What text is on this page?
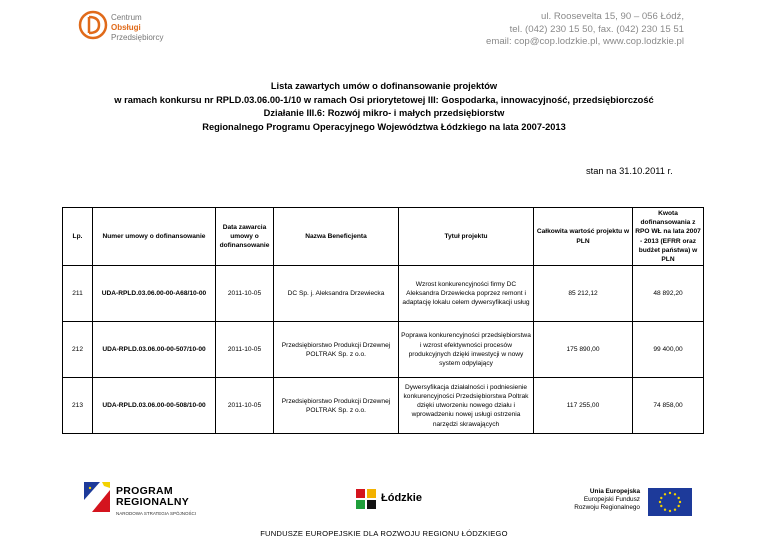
Centrum
Obsługi
Przedsiębiorcy
ul. Roosevelta 15, 90 – 056 Łódź,
tel. (042) 230 15 50, fax. (042) 230 15 51
email: cop@cop.lodzkie.pl, www.cop.lodzkie.pl
Lista zawartych umów o dofinansowanie projektów
w ramach konkursu nr RPLD.03.06.00-1/10 w ramach Osi priorytetowej III: Gospodarka, innowacyjność, przedsiębiorczość
Działanie III.6: Rozwój mikro- i małych przedsiębiorstw
Regionalnego Programu Operacyjnego Województwa Łódzkiego na lata 2007-2013
stan na 31.10.2011 r.
Lp.	Numer umowy o dofinansowanie	Data zawarcia umowy o dofinansowanie	Nazwa Beneficjenta	Tytuł projektu	Całkowita wartość projektu w PLN	Kwota dofinansowania z RPO WŁ na lata 2007 - 2013 (EFRR oraz budżet państwa) w PLN
211	UDA-RPLD.03.06.00-00-A68/10-00	2011-10-05	DC Sp. j. Aleksandra Drzewiecka	Wzrost konkurencyjności firmy DC Aleksandra Drzewiecka poprzez remont i adaptację lokalu celem dywersyfikacji usług	85 212,12	48 892,20
212	UDA-RPLD.03.06.00-00-507/10-00	2011-10-05	Przedsiębiorstwo Produkcji Drzewnej POLTRAK Sp. z o.o.	Poprawa konkurencyjności przedsiębiorstwa i wzrost efektywności procesów produkcyjnych dzięki inwestycji w nowy system odpylający	175 890,00	99 400,00
213	UDA-RPLD.03.06.00-00-508/10-00	2011-10-05	Przedsiębiorstwo Produkcji Drzewnej POLTRAK Sp. z o.o.	Dywersyfikacja działalności i podniesienie konkurencyjności Przedsiębiorstwa Poltrak dzięki utworzeniu nowego działu i wprowadzeniu nowej usługi ostrzenia narzędzi skrawających	117 255,00	74 858,00
PROGRAM
REGIONALNY
NARODOWA STRATEGIA SPÓJNOŚCI
Łódzkie
Unia Europejska
Europejski Fundusz
Rozwoju Regionalnego
FUNDUSZE EUROPEJSKIE DLA ROZWOJU REGIONU ŁÓDZKIEGO
